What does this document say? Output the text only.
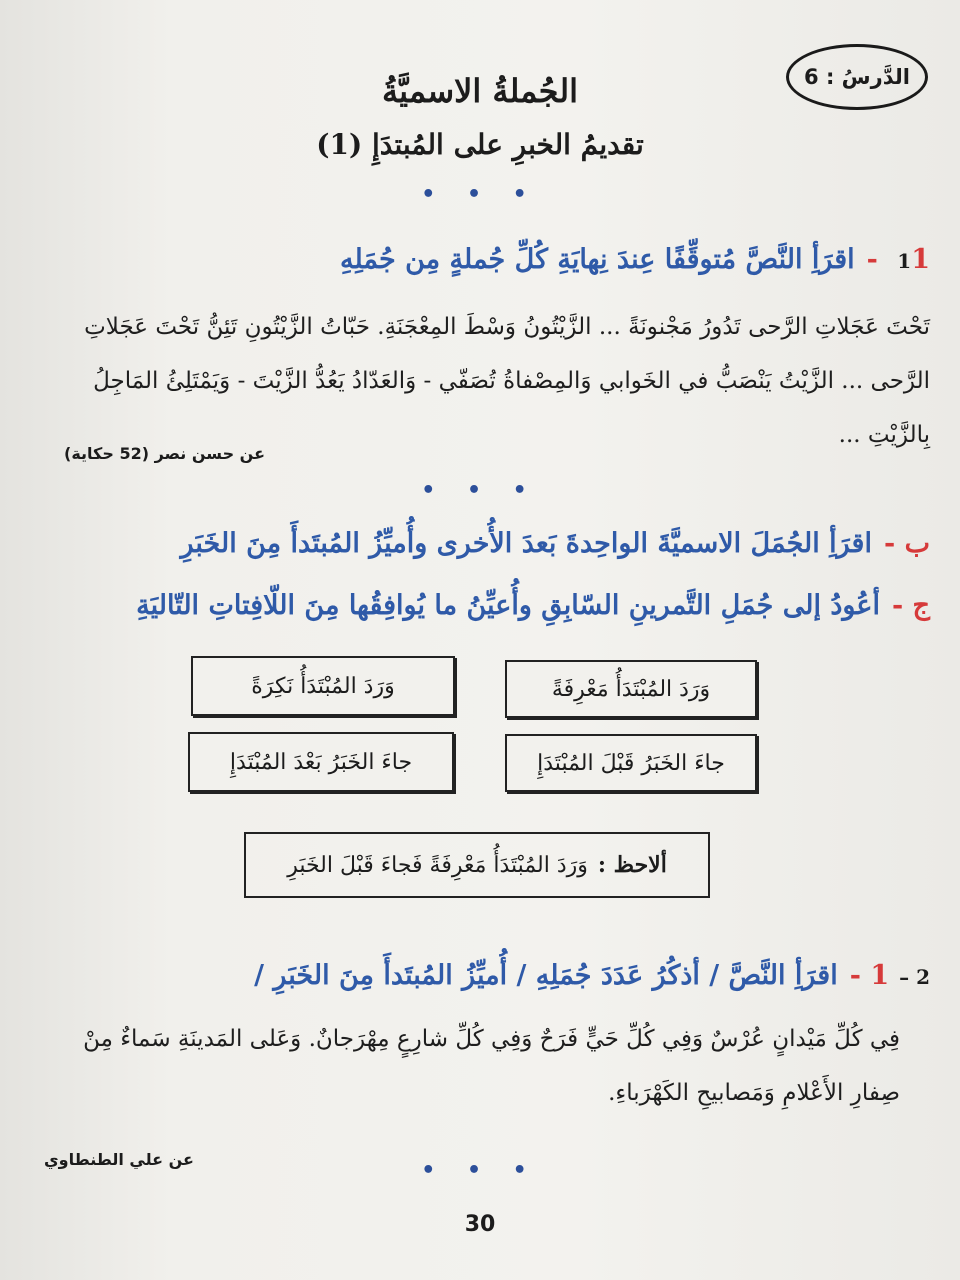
الدَّرسُ : 6
الجُملةُ الاسميَّةُ
تقديمُ الخبرِ على المُبتدَإِ (1)
• • •
11 -اقرَأِ النَّصَّ مُتوقِّفًا عِندَ نِهايَةِ كُلِّ جُملةٍ مِن جُمَلِهِ
تَحْتَ عَجَلاتِ الرَّحى تَدُورُ مَجْنونَةً ... الزَّيْتُونُ وَسْطَ المِعْجَنَةِ. حَبّاتُ الزَّيْتُونِ تَئِنُّ تَحْتَ عَجَلاتِ الرَّحى ... الزَّيْتُ يَنْصَبُّ في الخَوابي وَالمِصْفاةُ تُصَفّي - وَالعَدّادُ يَعُدُّ الزَّيْتَ - وَيَمْتَلِئُ المَاجِلُ بِالزَّيْتِ ...
عن حسن نصر (52 حكاية)
• • •
ب -اقرَأِ الجُمَلَ الاسميَّةَ الواحِدةَ بَعدَ الأُخرى وأُميِّزُ المُبتَدأَ مِنَ الخَبَرِ
ج -أعُودُ إلى جُمَلِ التَّمرينِ السّابِقِ وأُعيِّنُ ما يُوافِقُها مِنَ اللّافِتاتِ التّاليَةِ
وَرَدَ المُبْتَدَأُ مَعْرِفَةً
وَرَدَ المُبْتَدَأُ نَكِرَةً
جاءَ الخَبَرُ قَبْلَ المُبْتَدَإِ
جاءَ الخَبَرُ بَعْدَ المُبْتَدَإِ
ألاحظ :
وَرَدَ المُبْتَدَأُ مَعْرِفَةً فَجاءَ قَبْلَ الخَبَرِ
2 –1 -اقرَأِ النَّصَّ / أذكُرُ عَدَدَ جُمَلِهِ / أُميِّزُ المُبتَدأَ مِنَ الخَبَرِ /
فِي كُلِّ مَيْدانٍ عُرْسٌ وَفِي كُلِّ حَيٍّ فَرَحٌ وَفِي كُلِّ شارِعٍ مِهْرَجانٌ. وَعَلى المَدينَةِ سَماءٌ مِنْ صِفارِ الأَعْلامِ وَمَصابيحِ الكَهْرَباءِ.
عن علي الطنطاوي	• • •
30
